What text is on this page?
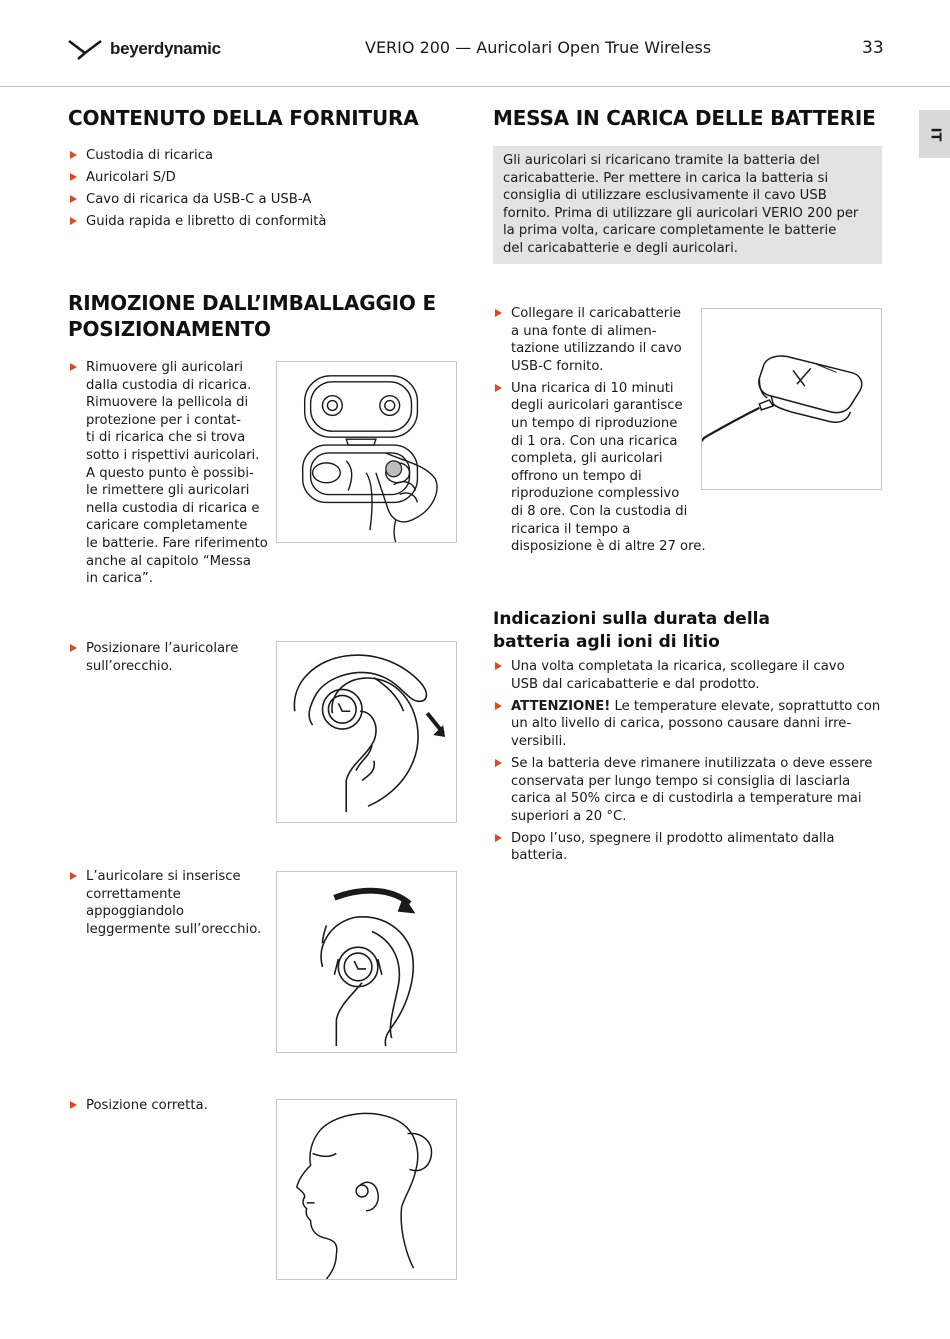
beyerdynamic	VERIO 200 — Auricolari Open True Wireless	33
IT
CONTENUTO DELLA FORNITURA
Custodia di ricarica
Auricolari S/D
Cavo di ricarica da USB-C a USB-A
Guida rapida e libretto di conformità
RIMOZIONE DALL’IMBALLAGGIO E
POSIZIONAMENTO
Rimuovere gli auricolari
dalla custodia di ricarica.
Rimuovere la pellicola di
protezione per i contat-
ti di ricarica che si trova
sotto i rispettivi auricolari.
A questo punto è possibi-
le rimettere gli auricolari
nella custodia di ricarica e
caricare completamente
le batterie. Fare riferimento
anche al capitolo “Messa
in carica”.
Posizionare l’auricolare
sull’orecchio.
L’auricolare si inserisce
correttamente
appoggiandolo
leggermente sull’orecchio.
Posizione corretta.
MESSA IN CARICA DELLE BATTERIE
Gli auricolari si ricaricano tramite la batteria del
caricabatterie. Per mettere in carica la batteria si
consiglia di utilizzare esclusivamente il cavo USB
fornito. Prima di utilizzare gli auricolari VERIO 200 per
la prima volta, caricare completamente le batterie
del caricabatterie e degli auricolari.
Collegare il caricabatterie
a una fonte di alimen-
tazione utilizzando il cavo
USB-C fornito.
Una ricarica di 10 minuti
degli auricolari garantisce
un tempo di riproduzione
di 1 ora. Con una ricarica
completa, gli auricolari
offrono un tempo di
riproduzione complessivo
di 8 ore. Con la custodia di
ricarica il tempo a
disposizione è di altre 27 ore.
Indicazioni sulla durata della
batteria agli ioni di litio
Una volta completata la ricarica, scollegare il cavo
USB dal caricabatterie e dal prodotto.
ATTENZIONE! Le temperature elevate, soprattutto con
un alto livello di carica, possono causare danni irre-
versibili.
Se la batteria deve rimanere inutilizzata o deve essere
conservata per lungo tempo si consiglia di lasciarla
carica al 50% circa e di custodirla a temperature mai
superiori a 20 °C.
Dopo l’uso, spegnere il prodotto alimentato dalla
batteria.
